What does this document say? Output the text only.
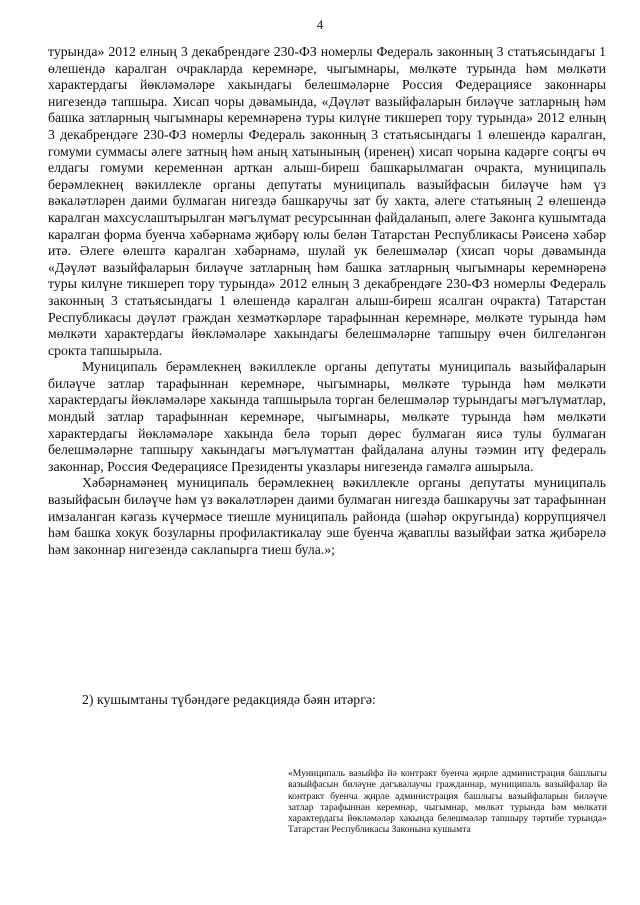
4

турында» 2012 елның 3 декабрендәге 230-ФЗ номерлы Федераль законның 3 статьясындагы 1 өлешендә каралган очракларда керемнәре, чыгымнары, мөлкәте турында һәм мөлкәти характердагы йөкләмәләре хакындагы белешмәләрне Россия Федерациясе законнары нигезендә тапшыра. Хисап чоры дәвамында, «Дәүләт вазыйфаларын биләүче затларның һәм башка затларның чыгымнары керемнәренә туры килүне тикшереп тору турында» 2012 елның 3 декабрендәге 230-ФЗ номерлы Федераль законның 3 статьясындагы 1 өлешендә каралган, гомуми суммасы әлеге затның һәм аның хатынының (иренең) хисап чорына кадәрге соңгы өч елдагы гомуми кеременнән арткан алыш-биреш башкарылмаган очракта, муниципаль берәмлекнең вәкиллекле органы депутаты муниципаль вазыйфасын биләүче һәм үз вәкаләтләрен даими булмаган нигездә башкаручы зат бу хакта, әлеге статьяның 2 өлешендә каралган махсуслаштырылган мәгълүмат ресурсыннан файдаланып, әлеге Законга кушымтада каралган форма буенча хәбәрнамә җибәрү юлы белән Татарстан Республикасы Рәисенә хәбәр итә. Әлеге өлештә каралган хәбәрнамә, шулай ук белешмәләр (хисап чоры дәвамында «Дәүләт вазыйфаларын биләүче затларның һәм башка затларның чыгымнары керемнәренә туры килүне тикшереп тору турында» 2012 елның 3 декабрендәге 230-ФЗ номерлы Федераль законның 3 статьясындагы 1 өлешендә каралган алыш-биреш ясалган очракта) Татарстан Республикасы дәүләт граждан хезмәткәрләре тарафыннан керемнәре, мөлкәте турында һәм мөлкәти характердагы йөкләмәләре хакындагы белешмәләрне тапшыру өчен билгеләнгән срокта тапшырыла.

Муниципаль берәмлекнең вәкиллекле органы депутаты муниципаль вазыйфаларын биләүче затлар тарафыннан керемнәре, чыгымнары, мөлкәте турында һәм мөлкәти характердагы йөкләмәләре хакында тапшырыла торган белешмәләр турындагы мәгълүматлар, мондый затлар тарафыннан керемнәре, чыгымнары, мөлкәте турында һәм мөлкәти характердагы йөкләмәләре хакында белә торып дөрес булмаган яисә тулы булмаган белешмәләрне тапшыру хакындагы мәгълүматтан файдалана алуны тәэмин итү федераль законнар, Россия Федерациясе Президенты указлары нигезендә гамәлгә ашырыла.

Хәбәрнамәнең муниципаль берәмлекнең вәкиллекле органы депутаты муниципаль вазыйфасын биләүче һәм үз вәкаләтләрен даими булмаган нигездә башкаручы зат тарафыннан имзаланган кәгазь күчермәсе тиешле муниципаль районда (шәһәр округында) коррупциячел һәм башка хокук бозуларны профилактикалау эше буенча җаваплы вазыйфаи затка җибәрелә һәм законнар нигезендә саклanырга тиеш була.»;

2) кушымтаны түбәндәге редакциядә бәян итәргә:
«Муниципаль вазыйфа йә контракт буенча җирле администрация башлыгы вазыйфасын биләүне дәгъвалаучы гражданнар, муниципаль вазыйфалар йә контракт буенча җирле администрация башлыгы вазыйфаларын биләүче затлар тарафыннан керемнәр, чыгымнар, мөлкәт турында һәм мөлкәти характердагы йөкләмәләр хакында белешмәләр тапшыру тәртибе турында» Татарстан Республикасы Законына кушымта
